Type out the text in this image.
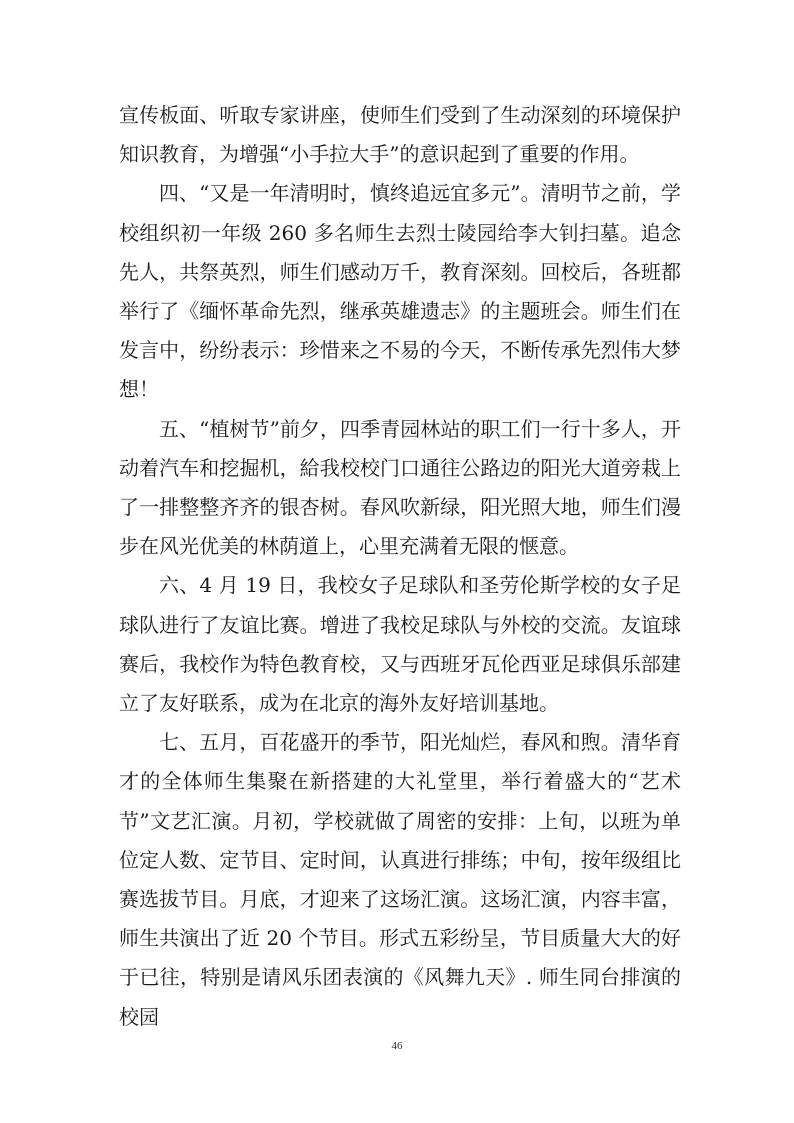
宣传板面、听取专家讲座，使师生们受到了生动深刻的环境保护知识教育，为增强“小手拉大手”的意识起到了重要的作用。

四、“又是一年清明时，慎终追远宜多元”。清明节之前，学校组织初一年级 260 多名师生去烈士陵园给李大钊扫墓。追念先人，共祭英烈，师生们感动万千，教育深刻。回校后，各班都举行了《缅怀革命先烈，继承英雄遗志》的主题班会。师生们在发言中，纷纷表示：珍惜来之不易的今天，不断传承先烈伟大梦想！

五、“植树节”前夕，四季青园林站的职工们一行十多人，开动着汽车和挖掘机，給我校校门口通往公路边的阳光大道旁栽上了一排整整齐齐的银杏树。春风吹新绿，阳光照大地，师生们漫步在风光优美的林荫道上，心里充满着无限的惬意。

六、4 月 19 日，我校女子足球队和圣劳伦斯学校的女子足球队进行了友谊比赛。增进了我校足球队与外校的交流。友谊球赛后，我校作为特色教育校，又与西班牙瓦伦西亚足球俱乐部建立了友好联系，成为在北京的海外友好培训基地。

七、五月，百花盛开的季节，阳光灿烂，春风和煦。清华育才的全体师生集聚在新搭建的大礼堂里，举行着盛大的“艺术节”文艺汇演。月初，学校就做了周密的安排：上旬，以班为单位定人数、定节目、定时间，认真进行排练；中旬，按年级组比赛选拔节目。月底，才迎来了这场汇演。这场汇演，内容丰富，师生共演出了近 20 个节目。形式五彩纷呈，节目质量大大的好于已往，特别是请风乐团表演的《风舞九天》. 师生同台排演的校园

46
